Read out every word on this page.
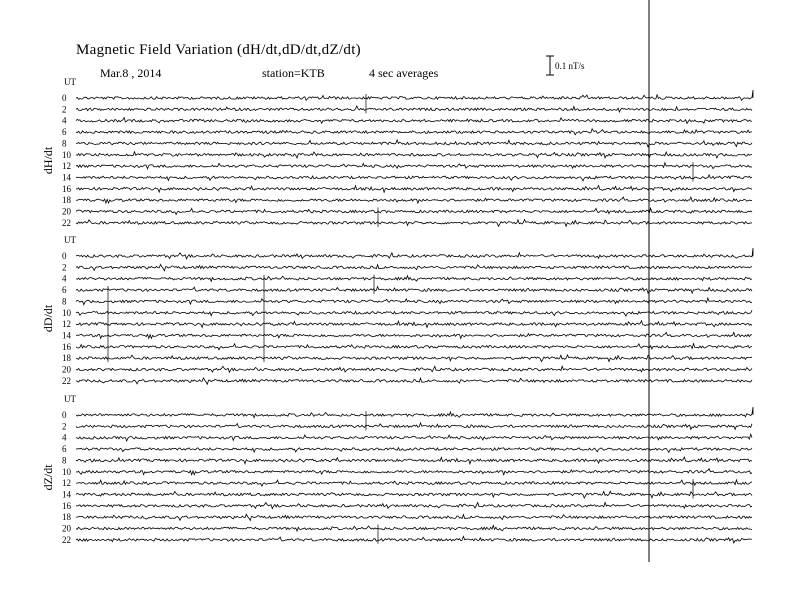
Magnetic Field Variation (dH/dt,dD/dt,dZ/dt)
Mar.8 , 2014	station=KTB	4 sec averages	0.1 nT/s
UT
dH/dt
0
2
4
6
8
10
12
14
16
18
20
22
UT
dD/dt
0
2
4
6
8
10
12
14
16
18
20
22
UT
dZ/dt
0
2
4
6
8
10
12
14
16
18
20
22
